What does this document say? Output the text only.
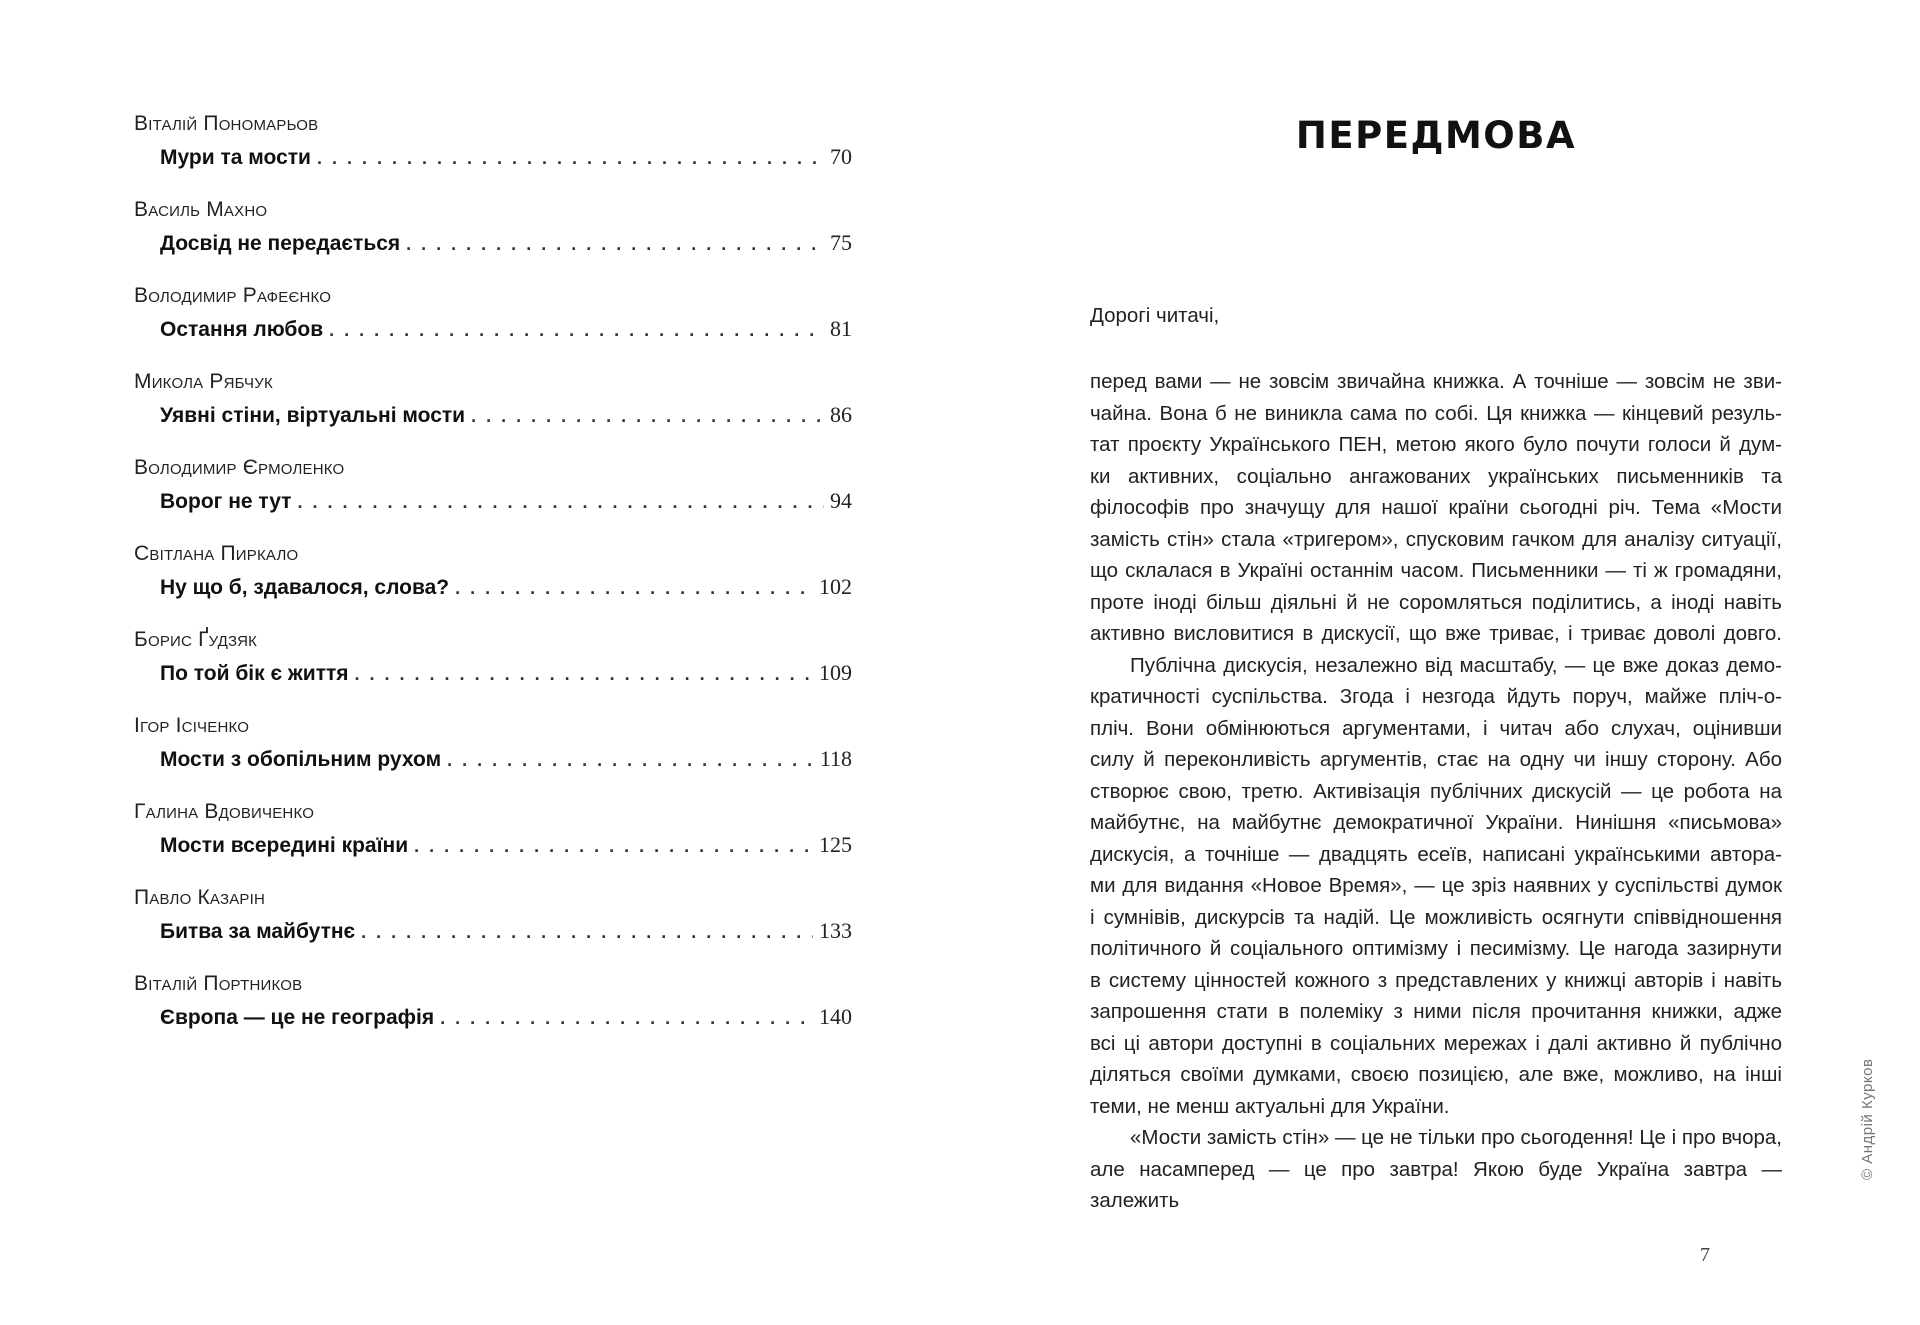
Віталій Пономарьов
Мури та мости . . .	70
Василь Махно
Досвід не передається . . .	75
Володимир Рафеєнко
Остання любов . . .	81
Микола Рябчук
Уявні стіни, віртуальні мости . . .	86
Володимир Єрмоленко
Ворог не тут . . .	94
Світлана Пиркало
Ну що б, здавалося, слова? . . .	102
Борис Ґудзяк
По той бік є життя . . .	109
Ігор Ісіченко
Мости з обопільним рухом . . .	118
Галина Вдовиченко
Мости всередині країни . . .	125
Павло Казарін
Битва за майбутнє . . .	133
Віталій Портников
Європа — це не географія . . .	140
ПЕРЕДМОВА

Дорогі читачі,

перед вами — не зовсім звичайна книжка. А точніше — зовсім не зви-

чайна. Вона б не виникла сама по собі. Ця книжка — кінцевий резуль-

тат проєкту Українського ПЕН, метою якого було почути голоси й дум-

ки активних, соціально ангажованих українських письменників та

філософів про значущу для нашої країни сьогодні річ. Тема «Мости

замість стін» стала «тригером», спусковим гачком для аналізу ситуації,

що склалася в Україні останнім часом. Письменники — ті ж громадяни,

проте іноді більш діяльні й не соромляться поділитись, а іноді навіть

активно висловитися в дискусії, що вже триває, і триває доволі довго.

Публічна дискусія, незалежно від масштабу, — це вже доказ демо-

кратичності суспільства. Згода і незгода йдуть поруч, майже пліч-о-

пліч. Вони обмінюються аргументами, і читач або слухач, оцінивши

силу й переконливість аргументів, стає на одну чи іншу сторону. Або

створює свою, третю. Активізація публічних дискусій — це робота на

майбутнє, на майбутнє демократичної України. Нинішня «письмова»

дискусія, а точніше — двадцять есеїв, написані українськими автора-

ми для видання «Новое Время», — це зріз наявних у суспільстві думок

і сумнівів, дискурсів та надій. Це можливість осягнути співвідношення

політичного й соціального оптимізму і песимізму. Це нагода зазирнути

в систему цінностей кожного з представлених у книжці авторів і навіть

запрошення стати в полеміку з ними після прочитання книжки, адже

всі ці автори доступні в соціальних мережах і далі активно й публічно

діляться своїми думками, своєю позицією, але вже, можливо, на інші

теми, не менш актуальні для України.

«Мости замість стін» — це не тільки про сьогодення! Це і про вчора,

але насамперед — це про завтра! Якою буде Україна завтра — залежить

7
© Андрій Курков
